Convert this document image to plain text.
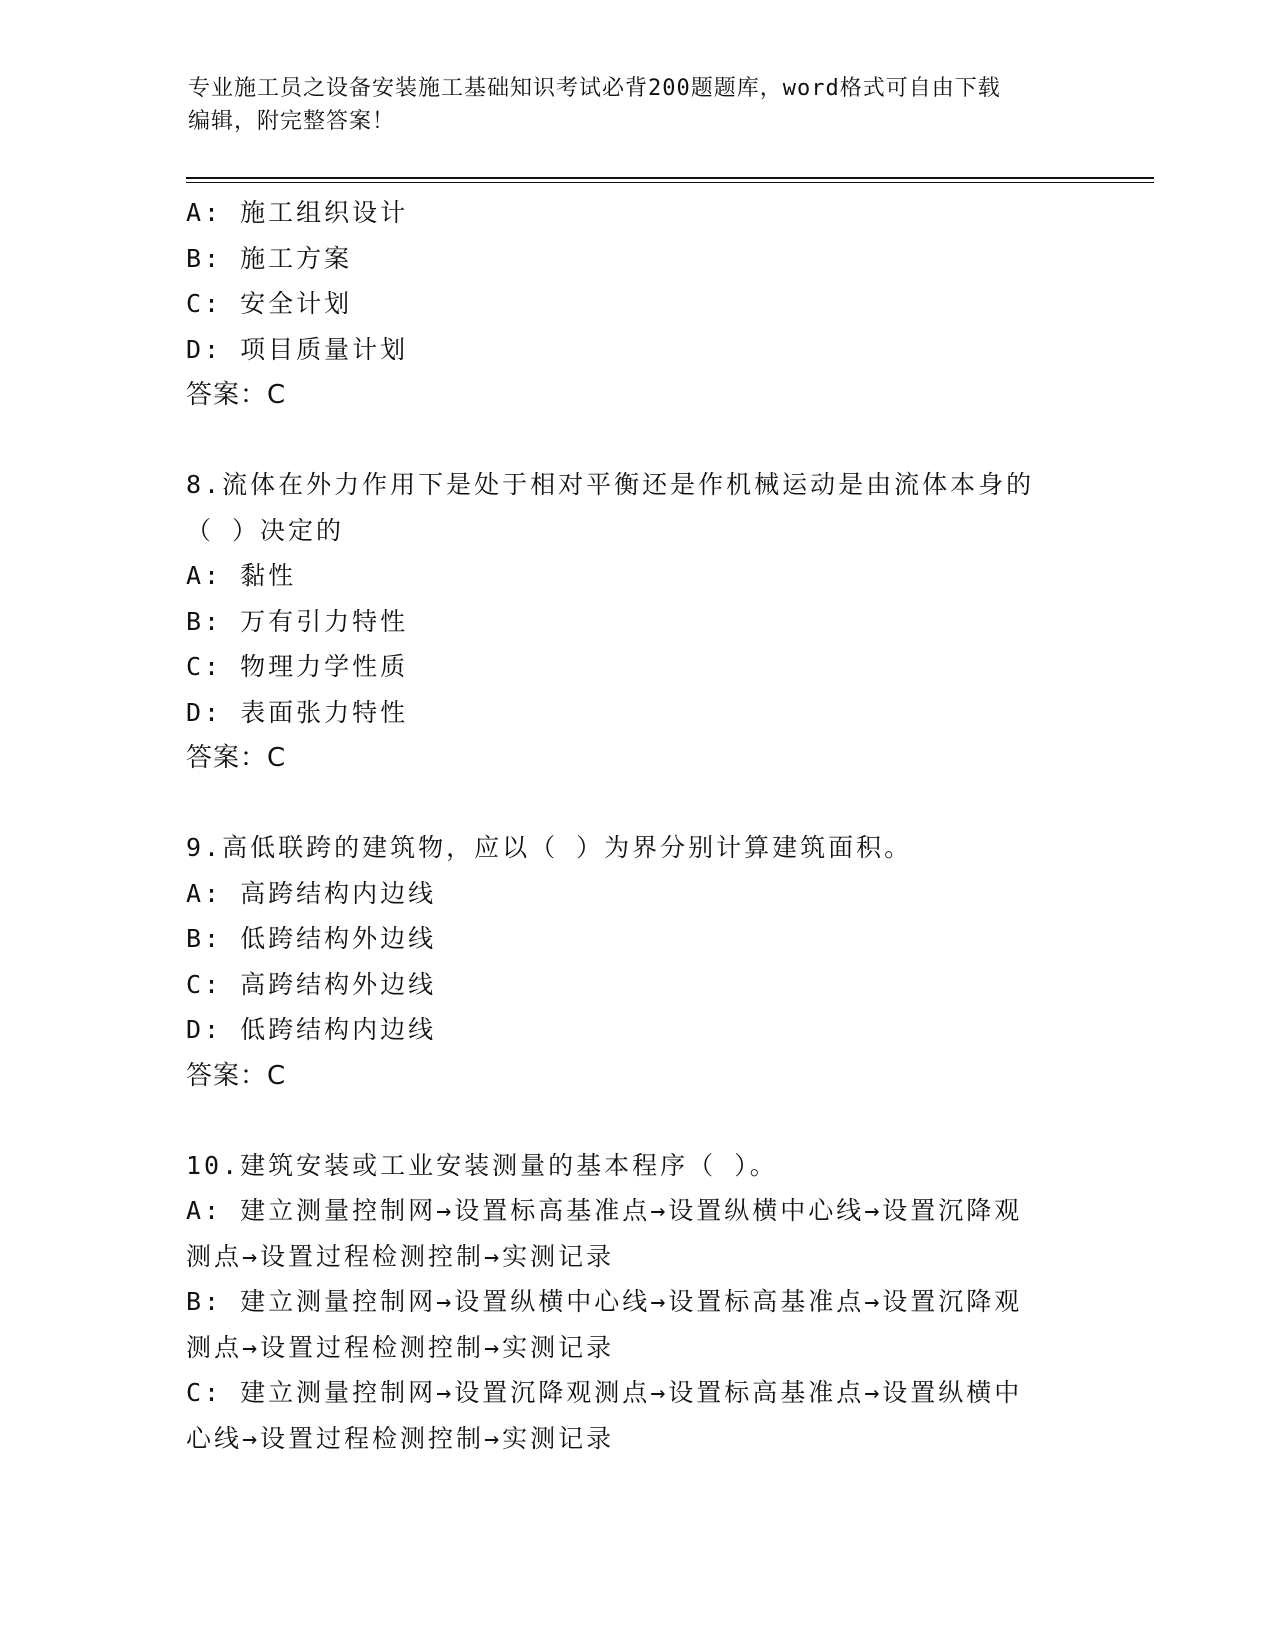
专业施工员之设备安装施工基础知识考试必背200题题库，word格式可自由下载
编辑，附完整答案！
A: 施工组织设计
B: 施工方案
C: 安全计划
D: 项目质量计划
答案：C
8.流体在外力作用下是处于相对平衡还是作机械运动是由流体本身的
（ ）决定的
A: 黏性
B: 万有引力特性
C: 物理力学性质
D: 表面张力特性
答案：C
9.高低联跨的建筑物，应以（ ）为界分别计算建筑面积。
A: 高跨结构内边线
B: 低跨结构外边线
C: 高跨结构外边线
D: 低跨结构内边线
答案：C
10.建筑安装或工业安装测量的基本程序（ ）。
A: 建立测量控制网→设置标高基准点→设置纵横中心线→设置沉降观
测点→设置过程检测控制→实测记录
B: 建立测量控制网→设置纵横中心线→设置标高基准点→设置沉降观
测点→设置过程检测控制→实测记录
C: 建立测量控制网→设置沉降观测点→设置标高基准点→设置纵横中
心线→设置过程检测控制→实测记录
